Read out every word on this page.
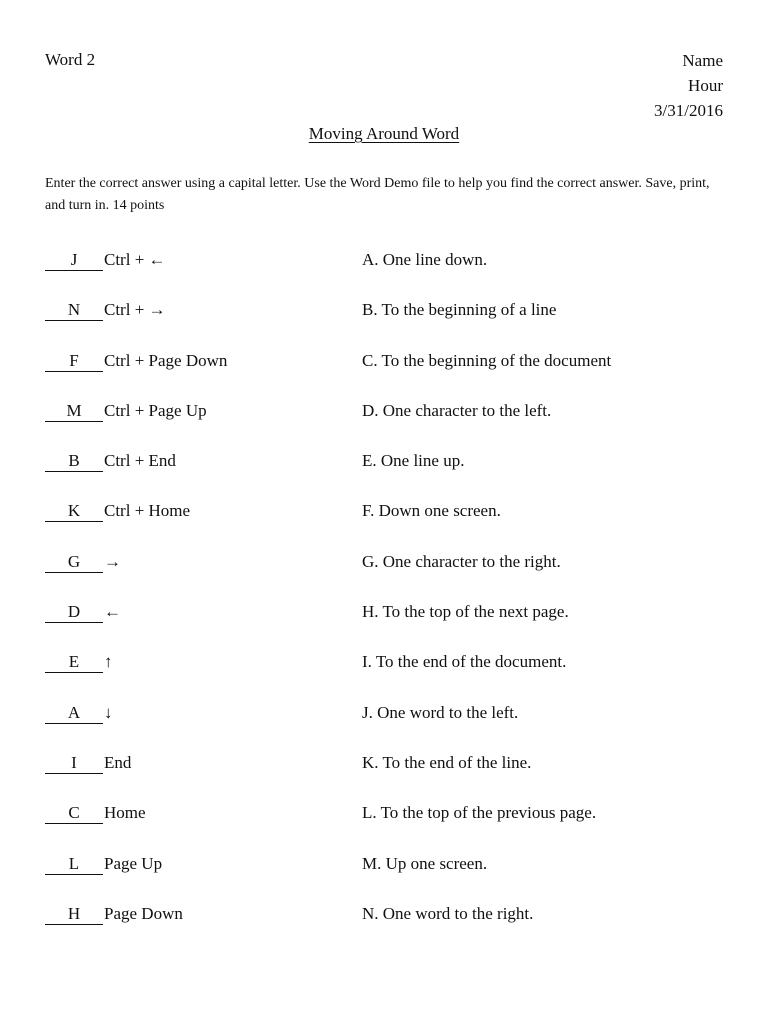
Word 2	Name
Hour
3/31/2016
Moving Around Word
Enter the correct answer using a capital letter. Use the Word Demo file to help you find the correct answer. Save, print, and turn in. 14 points
J Ctrl + ←	A. One line down.
N Ctrl + →	B. To the beginning of a line
F Ctrl + Page Down	C. To the beginning of the document
M Ctrl + Page Up	D. One character to the left.
B Ctrl + End	E. One line up.
K Ctrl + Home	F. Down one screen.
G →	G. One character to the right.
D ←	H. To the top of the next page.
E ↑	I. To the end of the document.
A ↓	J. One word to the left.
I End	K. To the end of the line.
C Home	L. To the top of the previous page.
L Page Up	M. Up one screen.
H Page Down	N. One word to the right.
